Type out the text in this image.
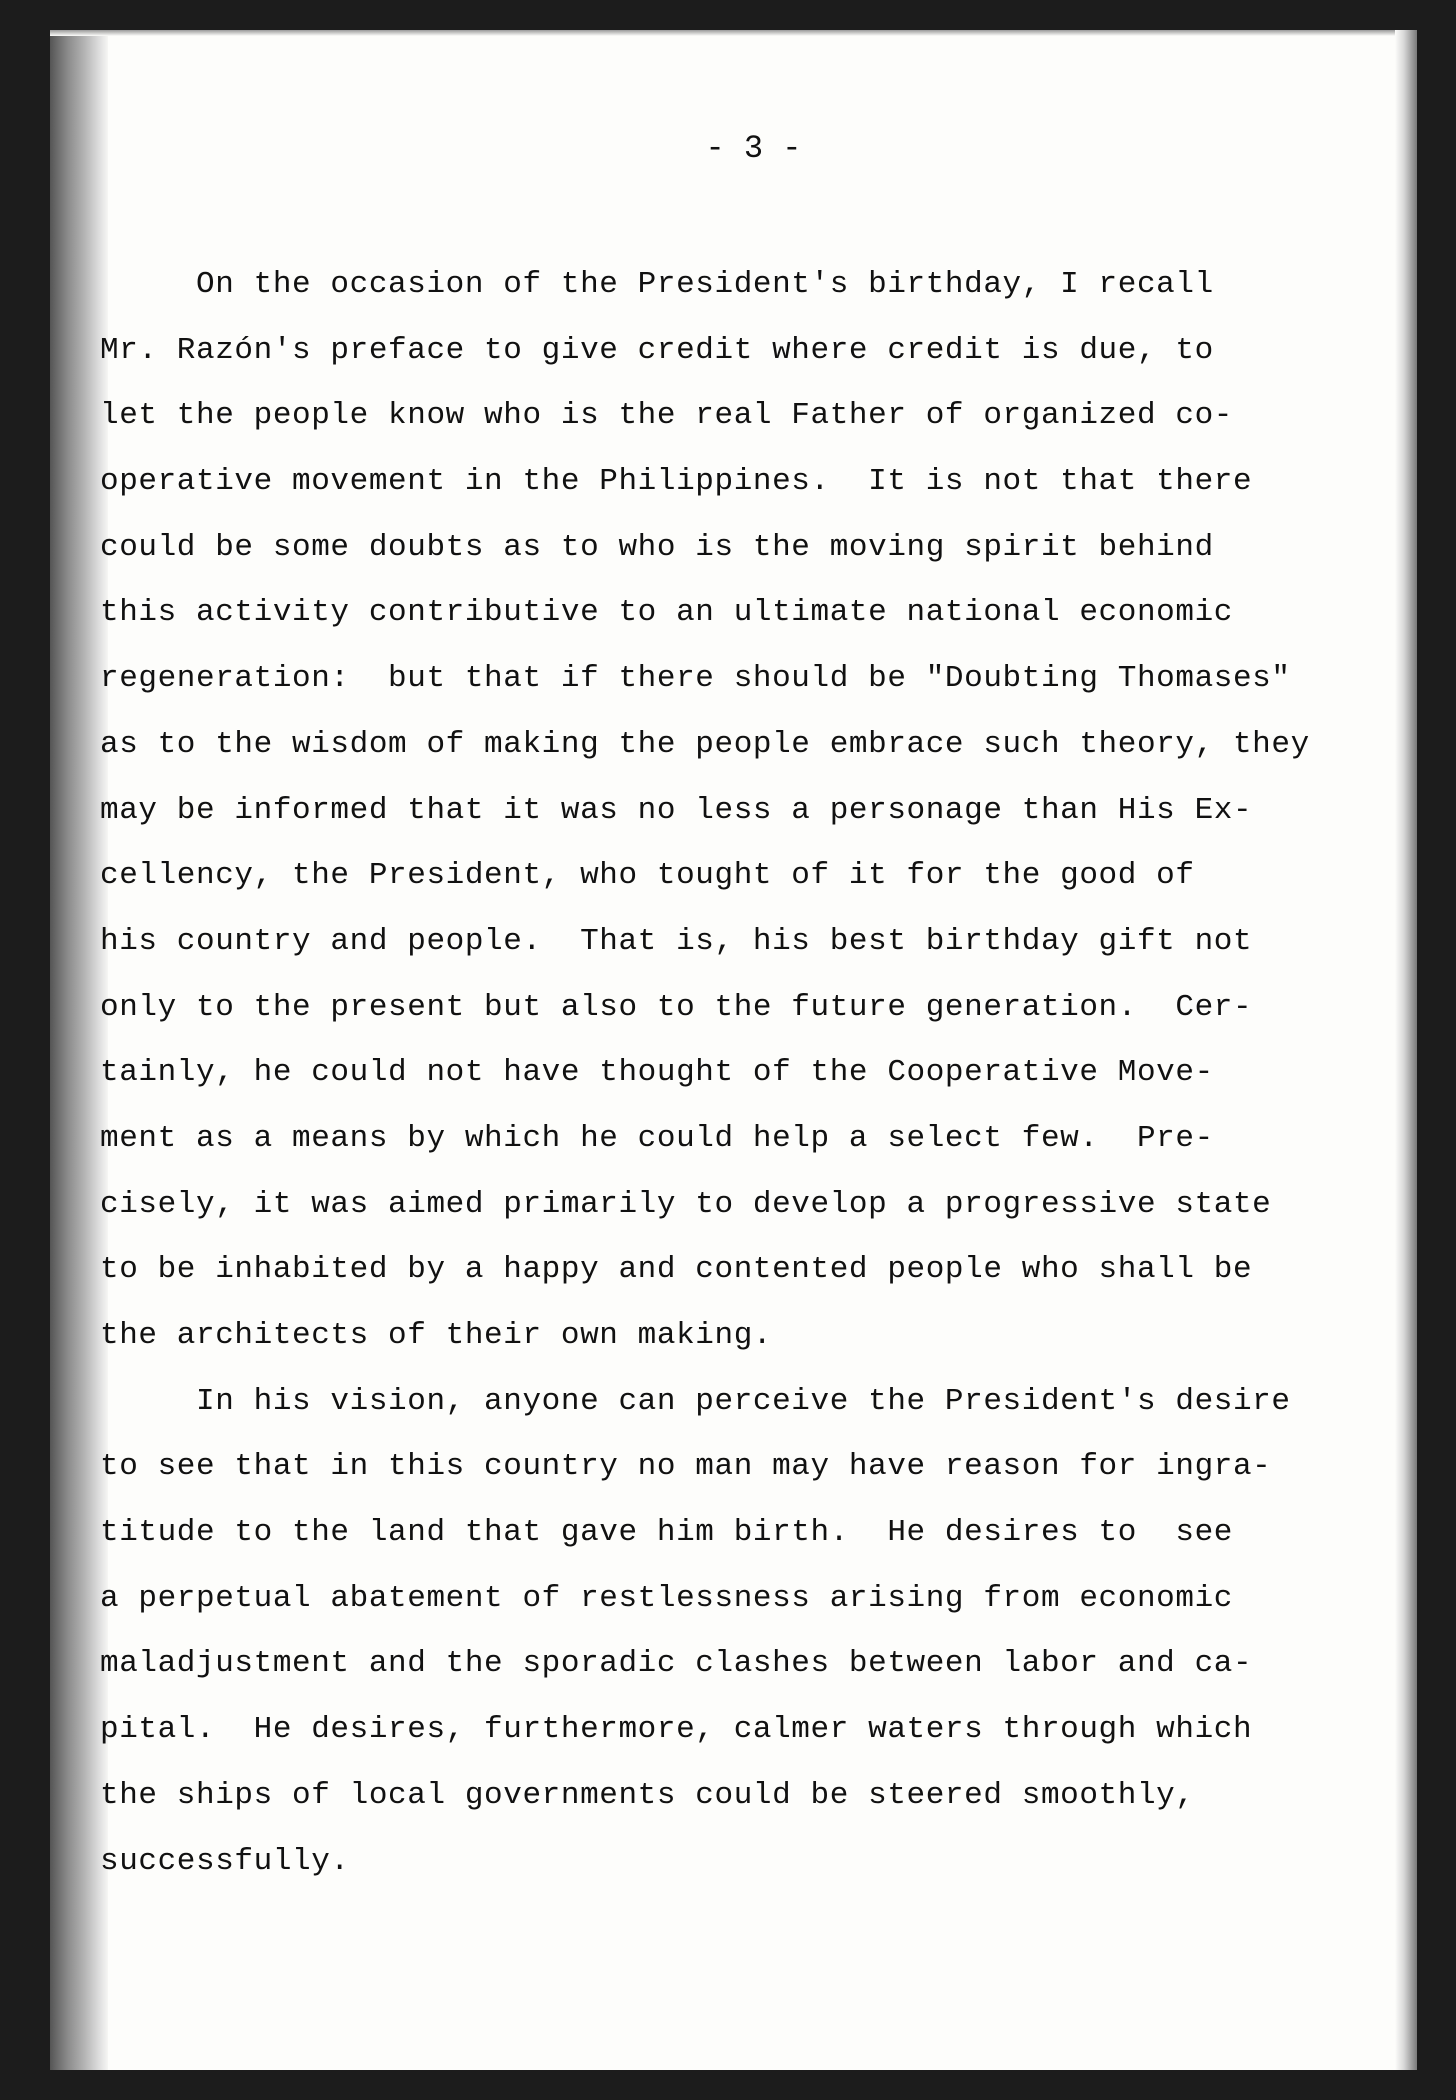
- 3 -
On the occasion of the President's birthday, I recall
Mr. Razón's preface to give credit where credit is due, to
let the people know who is the real Father of organized co-
operative movement in the Philippines.  It is not that there
could be some doubts as to who is the moving spirit behind
this activity contributive to an ultimate national economic
regeneration:  but that if there should be "Doubting Thomases"
as to the wisdom of making the people embrace such theory, they
may be informed that it was no less a personage than His Ex-
cellency, the President, who tought of it for the good of
his country and people.  That is, his best birthday gift not
only to the present but also to the future generation.  Cer-
tainly, he could not have thought of the Cooperative Move-
ment as a means by which he could help a select few.  Pre-
cisely, it was aimed primarily to develop a progressive state
to be inhabited by a happy and contented people who shall be
the architects of their own making.
In his vision, anyone can perceive the President's desire
to see that in this country no man may have reason for ingra-
titude to the land that gave him birth.  He desires to  see
a perpetual abatement of restlessness arising from economic
maladjustment and the sporadic clashes between labor and ca-
pital.  He desires, furthermore, calmer waters through which
the ships of local governments could be steered smoothly,
successfully.
